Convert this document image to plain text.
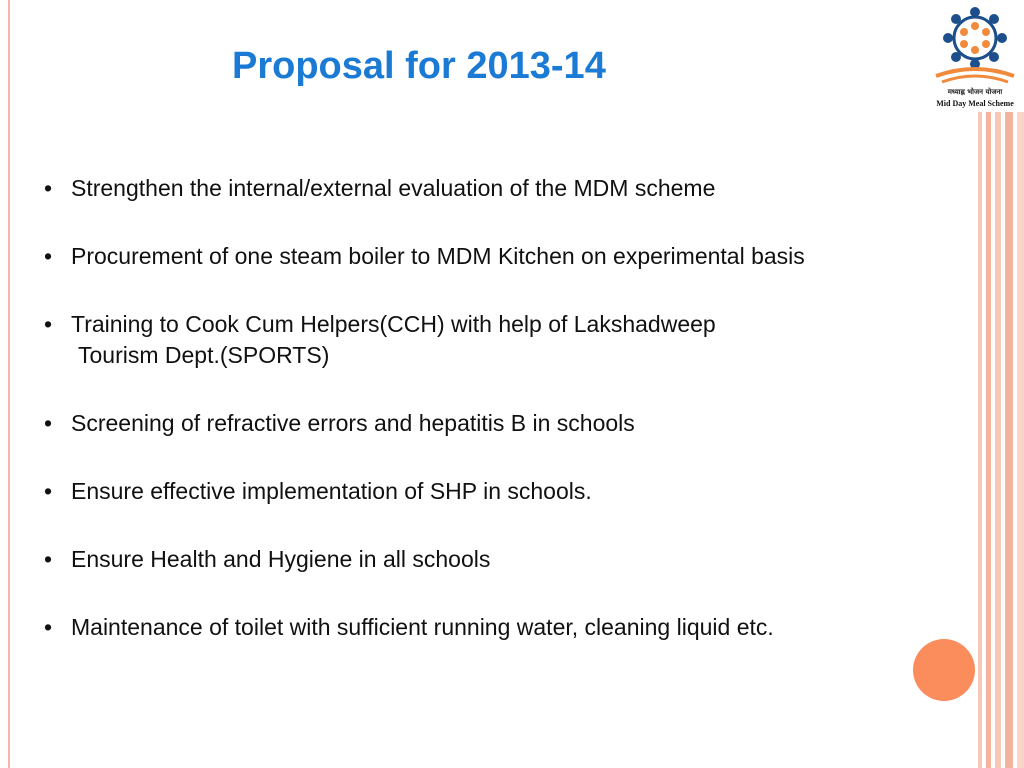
मध्याह्न भोजन योजना
Mid Day Meal Scheme
Proposal for 2013-14
• Strengthen the internal/external evaluation of the MDM scheme
• Procurement of one steam boiler to MDM Kitchen on experimental basis
• Training to Cook Cum Helpers(CCH) with help of Lakshadweep
Tourism Dept.(SPORTS)
• Screening of refractive errors and hepatitis B in schools
• Ensure effective implementation of SHP in schools.
• Ensure Health and Hygiene in all schools
• Maintenance of toilet with sufficient running water, cleaning liquid etc.
